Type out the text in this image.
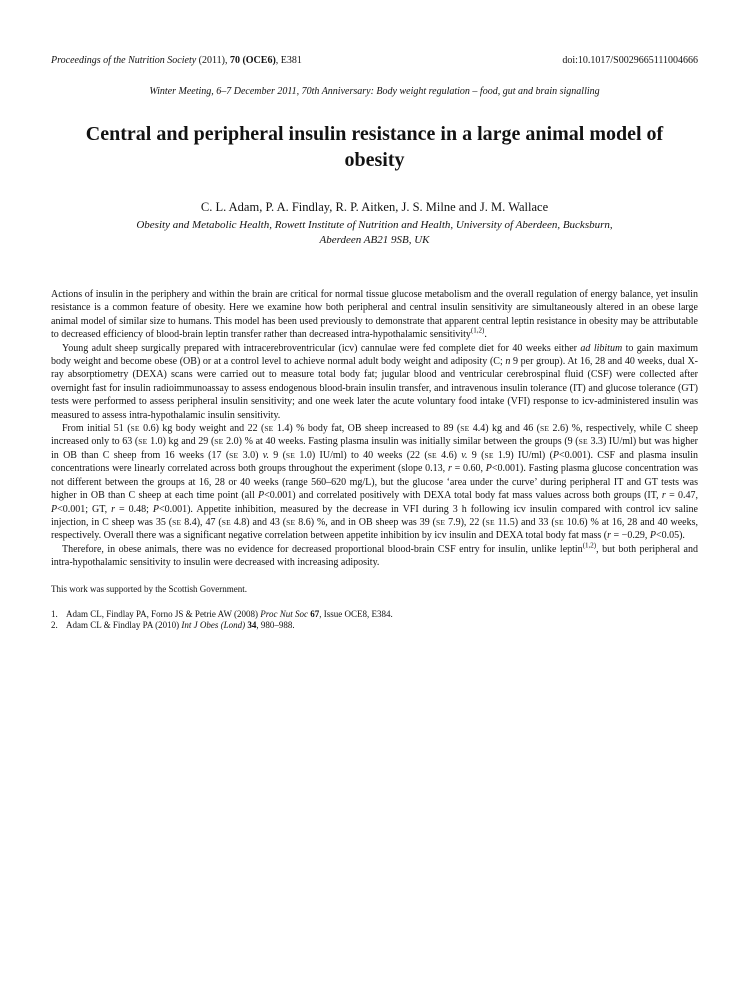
Proceedings of the Nutrition Society (2011), 70 (OCE6), E381	doi:10.1017/S0029665111004666
Winter Meeting, 6–7 December 2011, 70th Anniversary: Body weight regulation – food, gut and brain signalling
Central and peripheral insulin resistance in a large animal model of obesity
C. L. Adam, P. A. Findlay, R. P. Aitken, J. S. Milne and J. M. Wallace
Obesity and Metabolic Health, Rowett Institute of Nutrition and Health, University of Aberdeen, Bucksburn,
Aberdeen AB21 9SB, UK

Actions of insulin in the periphery and within the brain are critical for normal tissue glucose metabolism and the overall regulation of energy balance, yet insulin resistance is a common feature of obesity. Here we examine how both peripheral and central insulin sensitivity are simultaneously altered in an obese large animal model of similar size to humans. This model has been used previously to demonstrate that apparent central leptin resistance in obesity may be attributable to decreased efficiency of blood-brain leptin transfer rather than decreased intra-hypothalamic sensitivity$^{(1,2)}$.

Young adult sheep surgically prepared with intracerebroventricular (icv) cannulae were fed complete diet for 40 weeks either ad libitum to gain maximum body weight and become obese (OB) or at a control level to achieve normal adult body weight and adiposity (C; n 9 per group). At 16, 28 and 40 weeks, dual X-ray absorptiometry (DEXA) scans were carried out to measure total body fat; jugular blood and ventricular cerebrospinal fluid (CSF) were collected after overnight fast for insulin radioimmunoassay to assess endogenous blood-brain insulin transfer, and intravenous insulin tolerance (IT) and glucose tolerance (GT) tests were performed to assess peripheral insulin sensitivity; and one week later the acute voluntary food intake (VFI) response to icv-administered insulin was measured to assess intra-hypothalamic insulin sensitivity.

From initial 51 (SE 0.6) kg body weight and 22 (SE 1.4) % body fat, OB sheep increased to 89 (SE 4.4) kg and 46 (SE 2.6) %, respectively, while C sheep increased only to 63 (SE 1.0) kg and 29 (SE 2.0) % at 40 weeks. Fasting plasma insulin was initially similar between the groups (9 (SE 3.3) IU/ml) but was higher in OB than C sheep from 16 weeks (17 (SE 3.0) v. 9 (SE 1.0) IU/ml) to 40 weeks (22 (SE 4.6) v. 9 (SE 1.9) IU/ml) (P<0.001). CSF and plasma insulin concentrations were linearly correlated across both groups throughout the experiment (slope 0.13, r = 0.60, P<0.001). Fasting plasma glucose concentration was not different between the groups at 16, 28 or 40 weeks (range 560–620 mg/L), but the glucose ‘area under the curve’ during peripheral IT and GT tests was higher in OB than C sheep at each time point (all P<0.001) and correlated positively with DEXA total body fat mass values across both groups (IT, r = 0.47, P<0.001; GT, r = 0.48; P<0.001). Appetite inhibition, measured by the decrease in VFI during 3 h following icv insulin compared with control icv saline injection, in C sheep was 35 (SE 8.4), 47 (SE 4.8) and 43 (SE 8.6) %, and in OB sheep was 39 (SE 7.9), 22 (SE 11.5) and 33 (SE 10.6) % at 16, 28 and 40 weeks, respectively. Overall there was a significant negative correlation between appetite inhibition by icv insulin and DEXA total body fat mass (r = −0.29, P<0.05).

Therefore, in obese animals, there was no evidence for decreased proportional blood-brain CSF entry for insulin, unlike leptin$^{(1,2)}$, but both peripheral and intra-hypothalamic sensitivity to insulin were decreased with increasing adiposity.

This work was supported by the Scottish Government.
1. Adam CL, Findlay PA, Forno JS & Petrie AW (2008) Proc Nut Soc 67, Issue OCE8, E384.
2. Adam CL & Findlay PA (2010) Int J Obes (Lond) 34, 980–988.
